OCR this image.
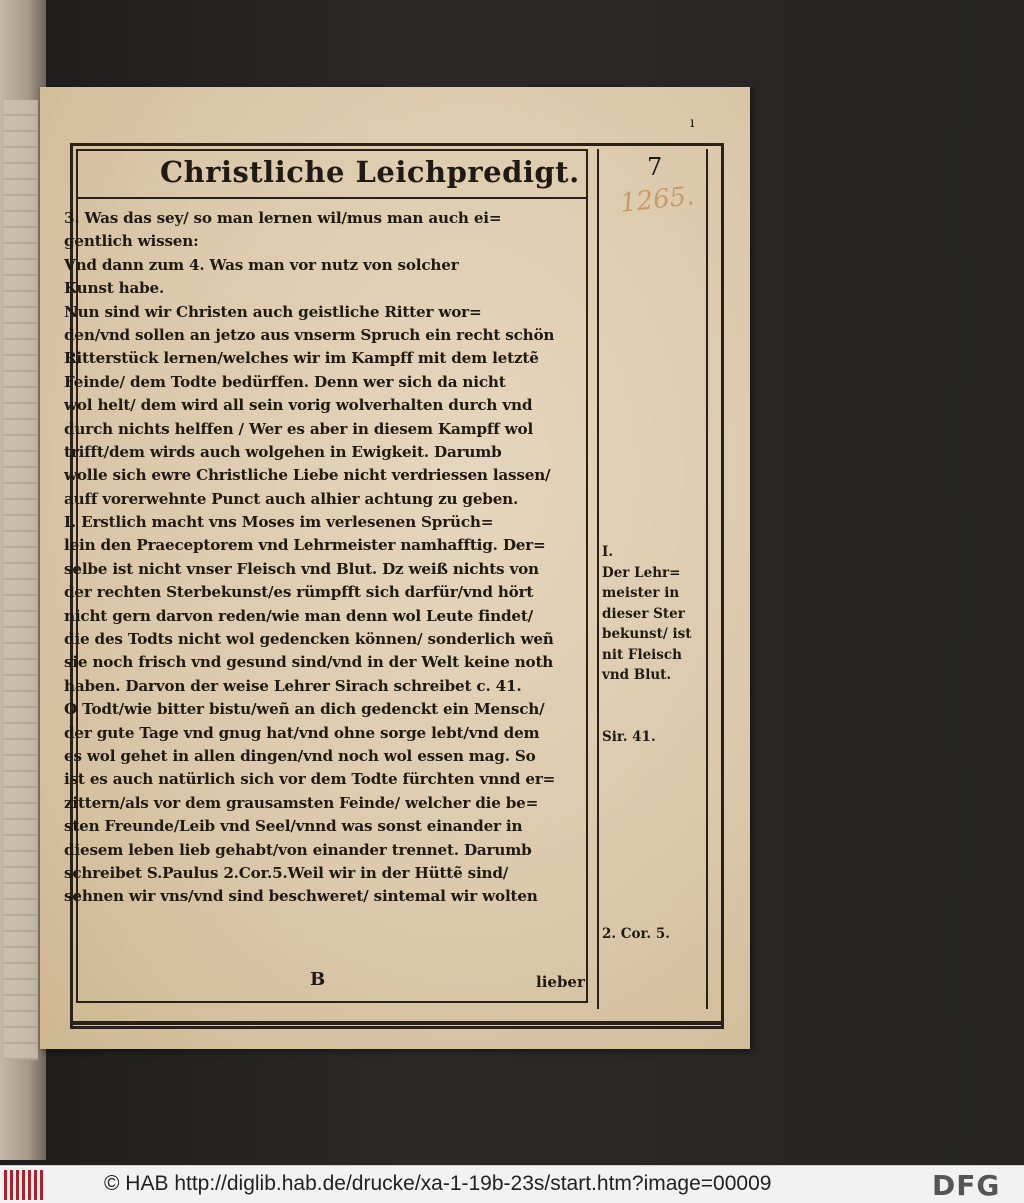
ı
Christliche Leichpredigt.	7
1265.
3. Was das sey/ so man lernen wil/mus man auch ei=
gentlich wissen:
Vnd dann zum 4. Was man vor nutz von solcher
Kunst habe.
Nun sind wir Christen auch geistliche Ritter wor=
den/vnd sollen an jetzo aus vnserm Spruch ein recht schön
Ritterstück lernen/welches wir im Kampff mit dem letztẽ
Feinde/ dem Todte bedürffen. Denn wer sich da nicht
wol helt/ dem wird all sein vorig wolverhalten durch vnd
durch nichts helffen / Wer es aber in diesem Kampff wol
trifft/dem wirds auch wolgehen in Ewigkeit. Darumb
wolle sich ewre Christliche Liebe nicht verdriessen lassen/
auff vorerwehnte Punct auch alhier achtung zu geben.
I. Erstlich macht vns Moses im verlesenen Sprüch=
lein den Praeceptorem vnd Lehrmeister namhafftig. Der=
selbe ist nicht vnser Fleisch vnd Blut. Dz weiß nichts von
der rechten Sterbekunst/es rümpfft sich darfür/vnd hört
nicht gern darvon reden/wie man denn wol Leute findet/
die des Todts nicht wol gedencken können/ sonderlich weñ
sie noch frisch vnd gesund sind/vnd in der Welt keine noth
haben. Darvon der weise Lehrer Sirach schreibet c. 41.
O Todt/wie bitter bistu/weñ an dich gedenckt ein Mensch/
der gute Tage vnd gnug hat/vnd ohne sorge lebt/vnd dem
es wol gehet in allen dingen/vnd noch wol essen mag. So
ist es auch natürlich sich vor dem Todte fürchten vnnd er=
zittern/als vor dem grausamsten Feinde/ welcher die be=
sten Freunde/Leib vnd Seel/vnnd was sonst einander in
diesem leben lieb gehabt/von einander trennet. Darumb
schreibet S.Paulus 2.Cor.5.Weil wir in der Hüttẽ sind/
sehnen wir vns/vnd sind beschweret/ sintemal wir wolten
B	lieber
I.
Der Lehr=
meister in
dieser Ster
bekunst/ ist
nit Fleisch
vnd Blut.
Sir. 41.
2. Cor. 5.
© HAB http://diglib.hab.de/drucke/xa-1-19b-23s/start.htm?image=00009	DFG
